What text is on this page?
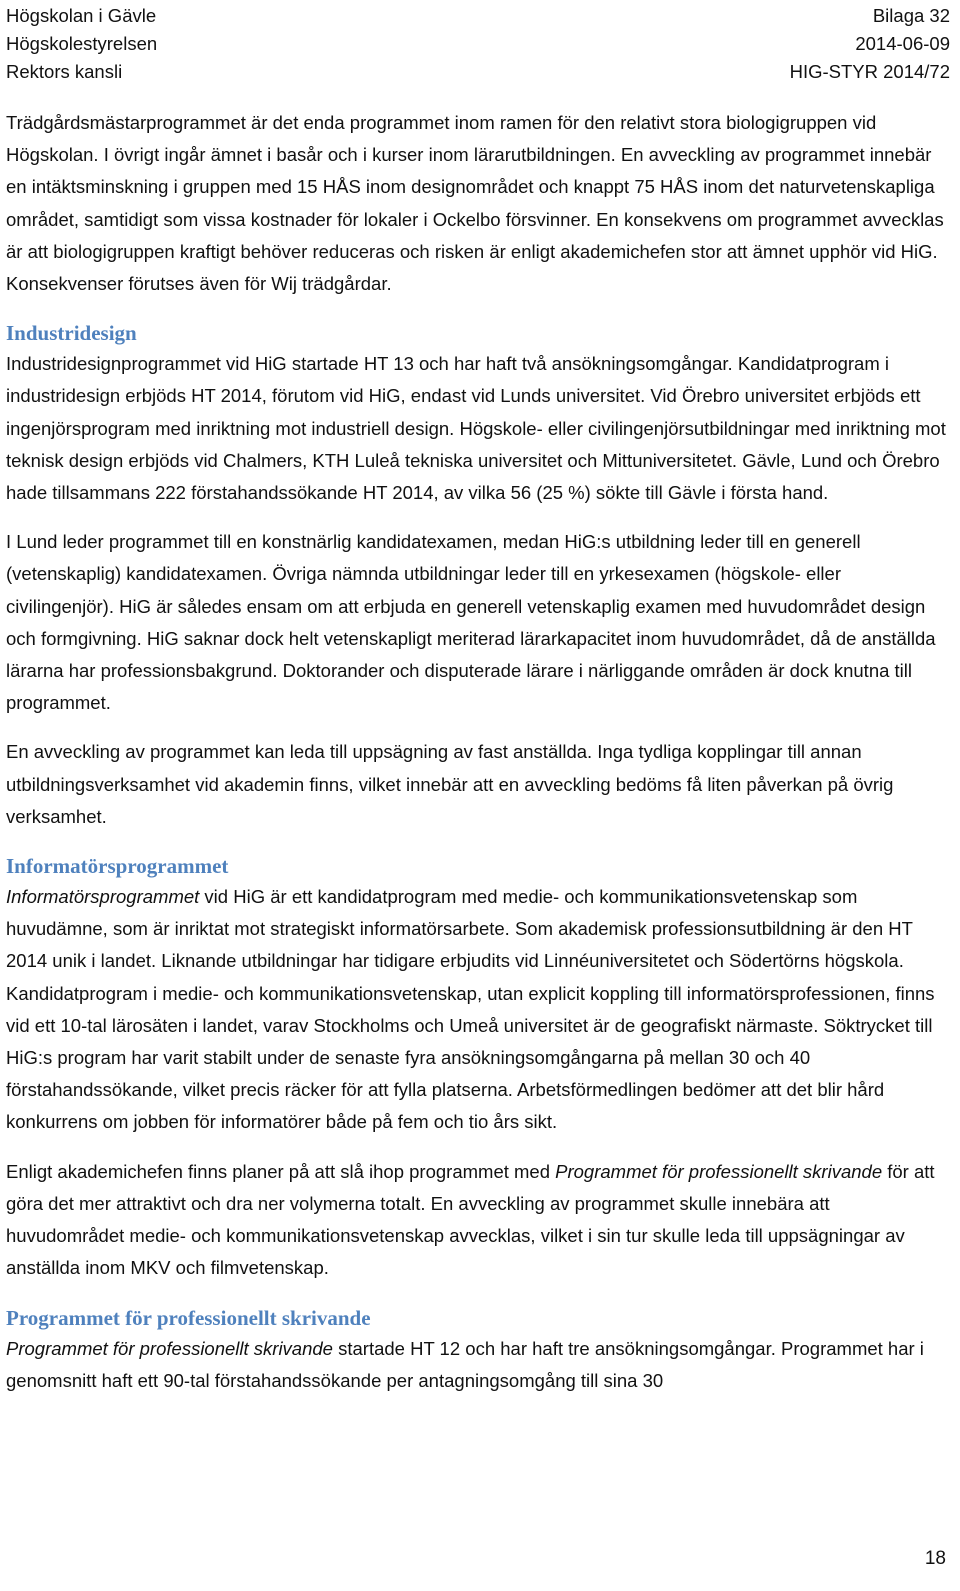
Högskolan i Gävle	Bilaga 32
Högskolestyrelsen	2014-06-09
Rektors kansli	HIG-STYR 2014/72

Trädgårdsmästarprogrammet är det enda programmet inom ramen för den relativt stora biologigruppen vid Högskolan. I övrigt ingår ämnet i basår och i kurser inom lärarutbildningen. En avveckling av programmet innebär en intäktsminskning i gruppen med 15 HÅS inom designområdet och knappt 75 HÅS inom det naturvetenskapliga området, samtidigt som vissa kostnader för lokaler i Ockelbo försvinner. En konsekvens om programmet avvecklas är att biologigruppen kraftigt behöver reduceras och risken är enligt akademichefen stor att ämnet upphör vid HiG. Konsekvenser förutses även för Wij trädgårdar.

Industridesign

Industridesignprogrammet vid HiG startade HT 13 och har haft två ansökningsomgångar. Kandidatprogram i industridesign erbjöds HT 2014, förutom vid HiG, endast vid Lunds universitet. Vid Örebro universitet erbjöds ett ingenjörsprogram med inriktning mot industriell design. Högskole- eller civilingenjörsutbildningar med inriktning mot teknisk design erbjöds vid Chalmers, KTH Luleå tekniska universitet och Mittuniversitetet. Gävle, Lund och Örebro hade tillsammans 222 förstahandssökande HT 2014, av vilka 56 (25 %) sökte till Gävle i första hand.

I Lund leder programmet till en konstnärlig kandidatexamen, medan HiG:s utbildning leder till en generell (vetenskaplig) kandidatexamen. Övriga nämnda utbildningar leder till en yrkesexamen (högskole- eller civilingenjör). HiG är således ensam om att erbjuda en generell vetenskaplig examen med huvudområdet design och formgivning. HiG saknar dock helt vetenskapligt meriterad lärarkapacitet inom huvudområdet, då de anställda lärarna har professionsbakgrund. Doktorander och disputerade lärare i närliggande områden är dock knutna till programmet.

En avveckling av programmet kan leda till uppsägning av fast anställda. Inga tydliga kopplingar till annan utbildningsverksamhet vid akademin finns, vilket innebär att en avveckling bedöms få liten påverkan på övrig verksamhet.

Informatörsprogrammet

Informatörsprogrammet vid HiG är ett kandidatprogram med medie- och kommunikationsvetenskap som huvudämne, som är inriktat mot strategiskt informatörsarbete. Som akademisk professionsutbildning är den HT 2014 unik i landet. Liknande utbildningar har tidigare erbjudits vid Linnéuniversitetet och Södertörns högskola. Kandidatprogram i medie- och kommunikationsvetenskap, utan explicit koppling till informatörsprofessionen, finns vid ett 10-tal lärosäten i landet, varav Stockholms och Umeå universitet är de geografiskt närmaste. Söktrycket till HiG:s program har varit stabilt under de senaste fyra ansökningsomgångarna på mellan 30 och 40 förstahandssökande, vilket precis räcker för att fylla platserna. Arbetsförmedlingen bedömer att det blir hård konkurrens om jobben för informatörer både på fem och tio års sikt.

Enligt akademichefen finns planer på att slå ihop programmet med Programmet för professionellt skrivande för att göra det mer attraktivt och dra ner volymerna totalt. En avveckling av programmet skulle innebära att huvudområdet medie- och kommunikationsvetenskap avvecklas, vilket i sin tur skulle leda till uppsägningar av anställda inom MKV och filmvetenskap.

Programmet för professionellt skrivande

Programmet för professionellt skrivande startade HT 12 och har haft tre ansökningsomgångar. Programmet har i genomsnitt haft ett 90-tal förstahandssökande per antagningsomgång till sina 30

18
